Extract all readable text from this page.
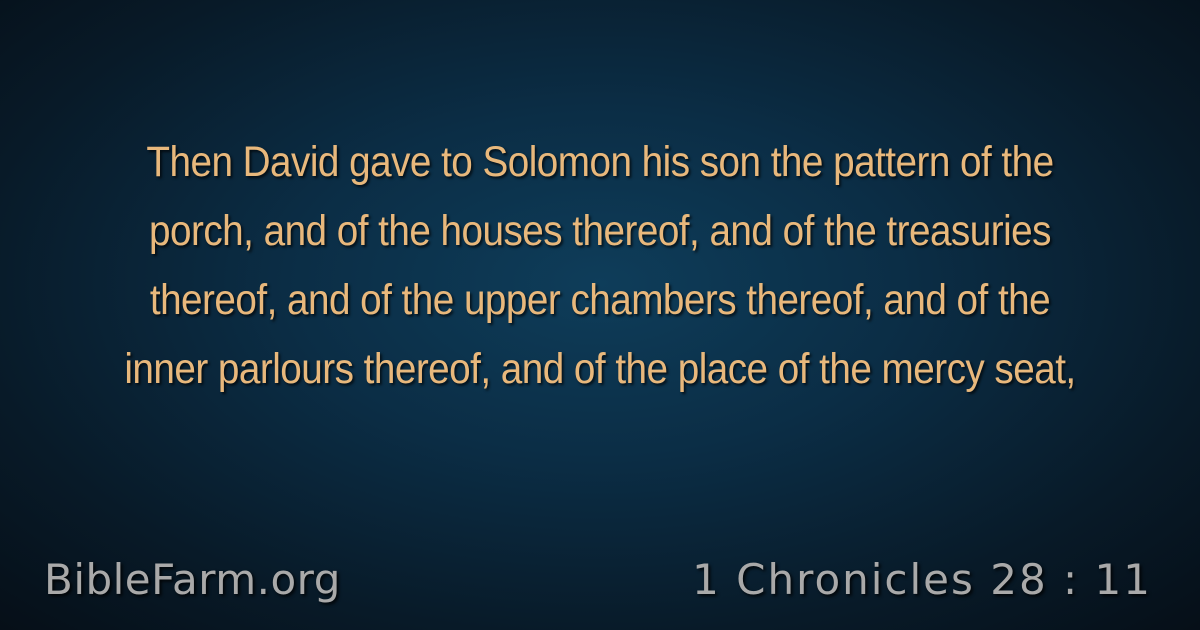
Then David gave to Solomon his son the pattern of the porch, and of the houses thereof, and of the treasuries thereof, and of the upper chambers thereof, and of the inner parlours thereof, and of the place of the mercy seat,

BibleFarm.org	1 Chronicles 28 : 11
